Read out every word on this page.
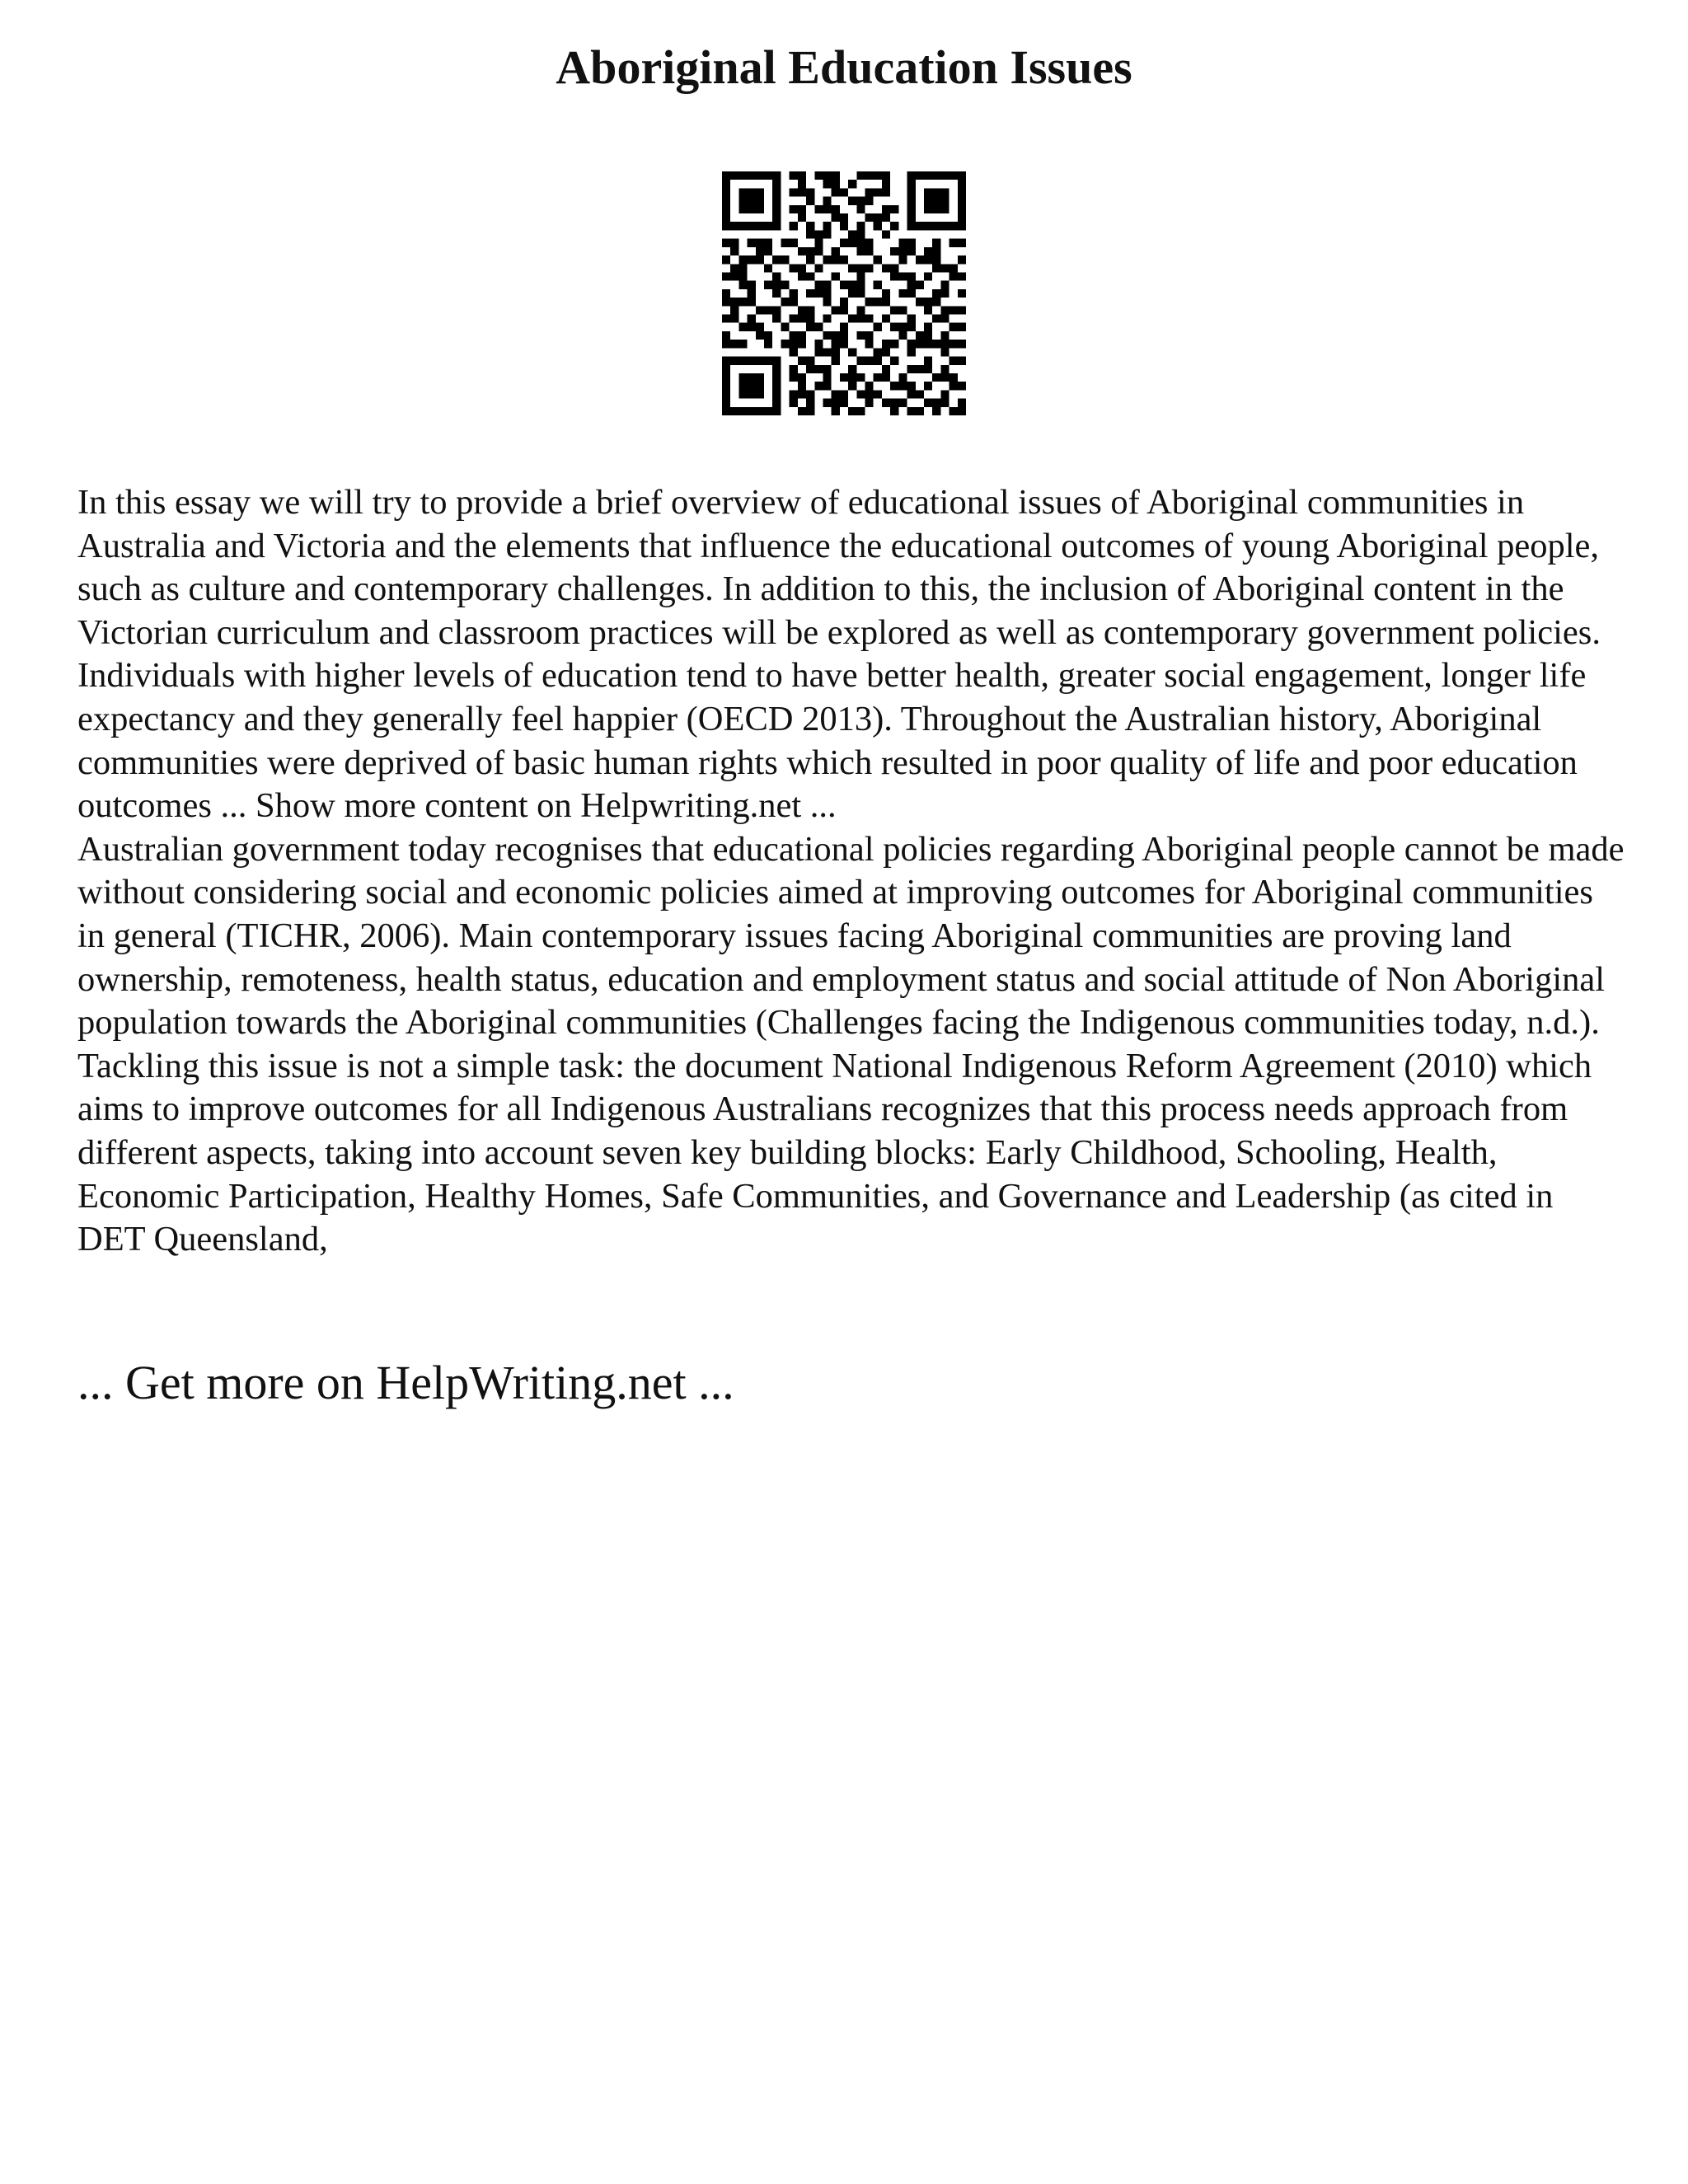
Aboriginal Education Issues

In this essay we will try to provide a brief overview of educational issues of Aboriginal communities in Australia and Victoria and the elements that influence the educational outcomes of young Aboriginal people, such as culture and contemporary challenges. In addition to this, the inclusion of Aboriginal content in the Victorian curriculum and classroom practices will be explored as well as contemporary government policies.

Individuals with higher levels of education tend to have better health, greater social engagement, longer life expectancy and they generally feel happier (OECD 2013). Throughout the Australian history, Aboriginal communities were deprived of basic human rights which resulted in poor quality of life and poor education outcomes ... Show more content on Helpwriting.net ...

Australian government today recognises that educational policies regarding Aboriginal people cannot be made without considering social and economic policies aimed at improving outcomes for Aboriginal communities in general (TICHR, 2006). Main contemporary issues facing Aboriginal communities are proving land ownership, remoteness, health status, education and employment status and social attitude of Non Aboriginal population towards the Aboriginal communities (Challenges facing the Indigenous communities today, n.d.). Tackling this issue is not a simple task: the document National Indigenous Reform Agreement (2010) which aims to improve outcomes for all Indigenous Australians recognizes that this process needs approach from different aspects, taking into account seven key building blocks: Early Childhood, Schooling, Health, Economic Participation, Healthy Homes, Safe Communities, and Governance and Leadership (as cited in DET Queensland,

... Get more on HelpWriting.net ...
